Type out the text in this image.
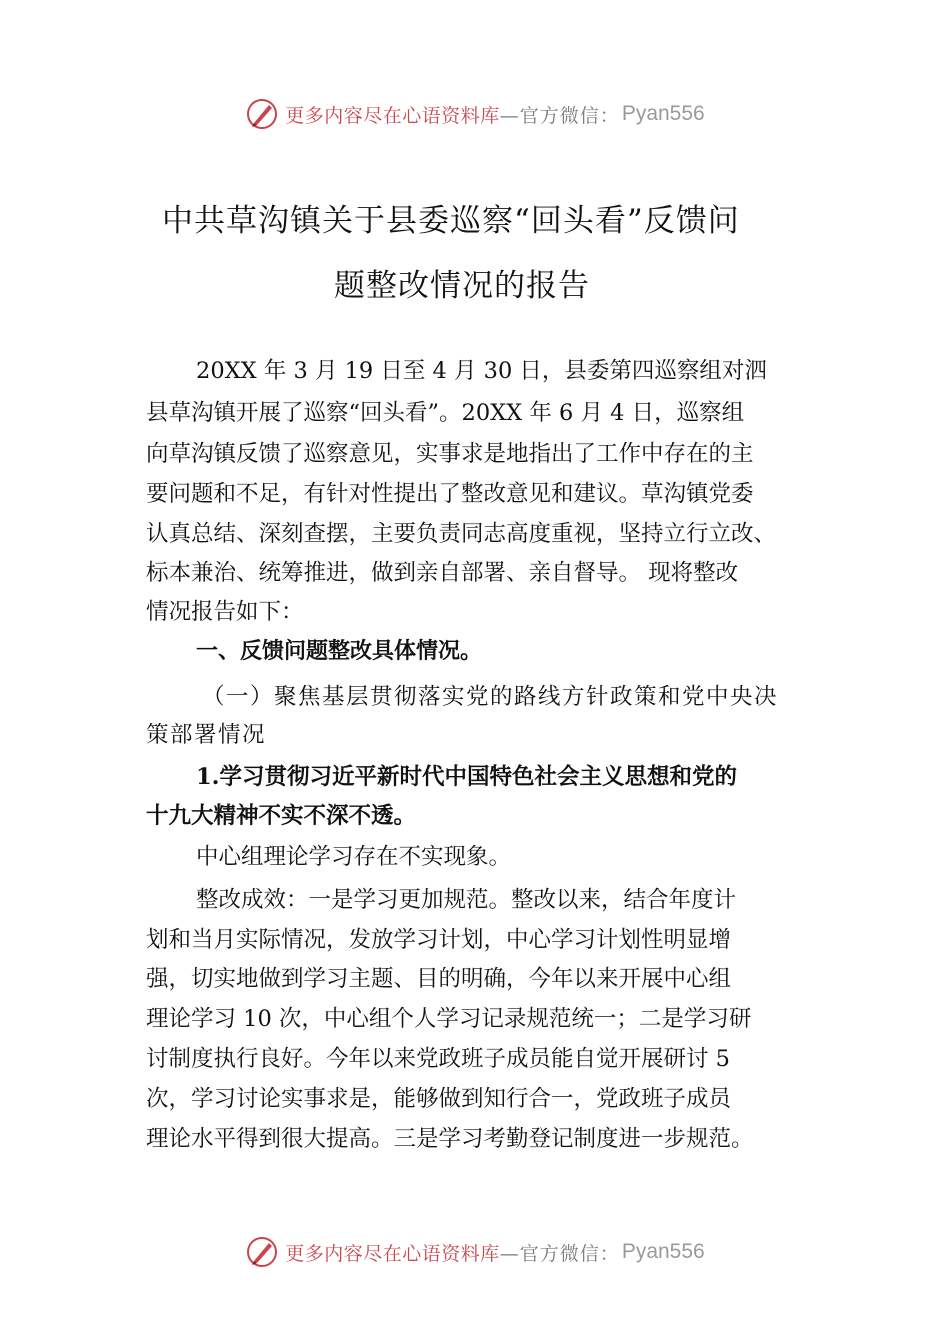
更多内容尽在心语资料库 —官方微信： Pyan556
中共草沟镇关于县委巡察“回头看”反馈问
题整改情况的报告
20XX 年 3 月 19 日至 4 月 30 日，县委第四巡察组对泗
县草沟镇开展了巡察“回头看”。20XX 年 6 月 4 日，巡察组
向草沟镇反馈了巡察意见，实事求是地指出了工作中存在的主
要问题和不足，有针对性提出了整改意见和建议。草沟镇党委
认真总结、深刻查摆，主要负责同志高度重视，坚持立行立改、
标本兼治、统筹推进，做到亲自部署、亲自督导。 现将整改
情况报告如下：
一、反馈问题整改具体情况。
（一）聚焦基层贯彻落实党的路线方针政策和党中央决
策部署情况
1.学习贯彻习近平新时代中国特色社会主义思想和党的
十九大精神不实不深不透。
中心组理论学习存在不实现象。
整改成效：一是学习更加规范。整改以来，结合年度计
划和当月实际情况，发放学习计划，中心学习计划性明显增
强，切实地做到学习主题、目的明确，今年以来开展中心组
理论学习 10 次，中心组个人学习记录规范统一；二是学习研
讨制度执行良好。今年以来党政班子成员能自觉开展研讨 5
次，学习讨论实事求是，能够做到知行合一，党政班子成员
理论水平得到很大提高。三是学习考勤登记制度进一步规范。
更多内容尽在心语资料库 —官方微信： Pyan556
